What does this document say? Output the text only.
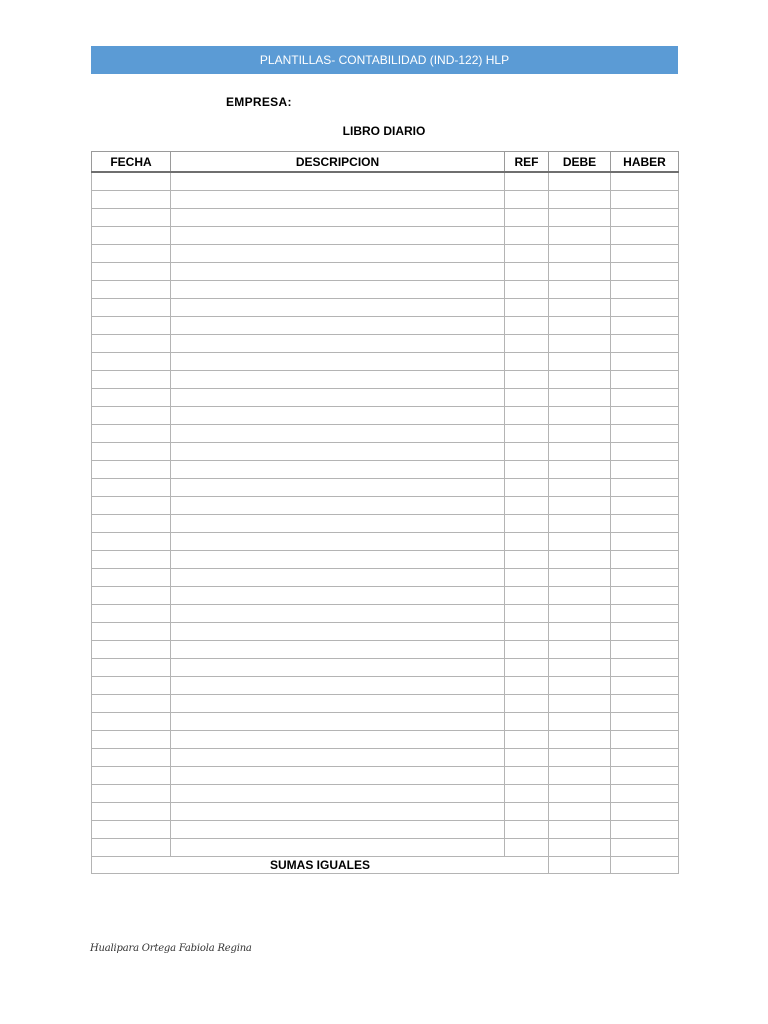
PLANTILLAS- CONTABILIDAD (IND-122) HLP
EMPRESA:
LIBRO DIARIO
FECHA	DESCRIPCION	REF	DEBE	HABER

SUMAS IGUALES				
Hualipara Ortega Fabiola Regina
